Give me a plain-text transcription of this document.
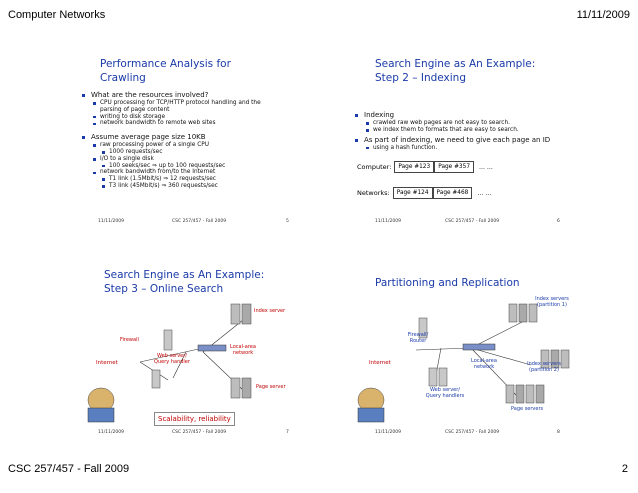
Computer Networks	11/11/2009
Performance Analysis for
Crawling
What are the resources involved?
CPU processing for TCP/HTTP protocol handling and the
parsing of page content
writing to disk storage
network bandwidth to remote web sites
Assume average page size 10KB
raw processing power of a single CPU
1000 requests/sec
I/O to a single disk
100 seeks/sec ⇒ up to 100 requests/sec
network bandwidth from/to the Internet
T1 link (1.5Mbit/s) ⇒ 12 requests/sec
T3 link (45Mbit/s) ⇒ 360 requests/sec
11/11/2009	CSC 257/457 - Fall 2009	5
Search Engine as An Example:
Step 2 – Indexing
Indexing
crawled raw web pages are not easy to search.
we index them to formats that are easy to search.
As part of indexing, we need to give each page an ID
using a hash function.
Computer:	Page #123	Page #357	… …
Networks:	Page #124	Page #468	… …
11/11/2009	CSC 257/457 - Fall 2009	6
Search Engine as An Example:
Step 3 – Online Search
Index server
Firewall
Local-area network
Web server/ Query handler
Internet
Page server
Scalability, reliability
11/11/2009	CSC 257/457 - Fall 2009	7
Partitioning and Replication
Index servers (partition 1)
Firewall/ Router
Local-area network	Index servers (partition 2)
Internet
Web server/ Query handlers
Page servers
11/11/2009	CSC 257/457 - Fall 2009	8
CSC 257/457 - Fall 2009	2
